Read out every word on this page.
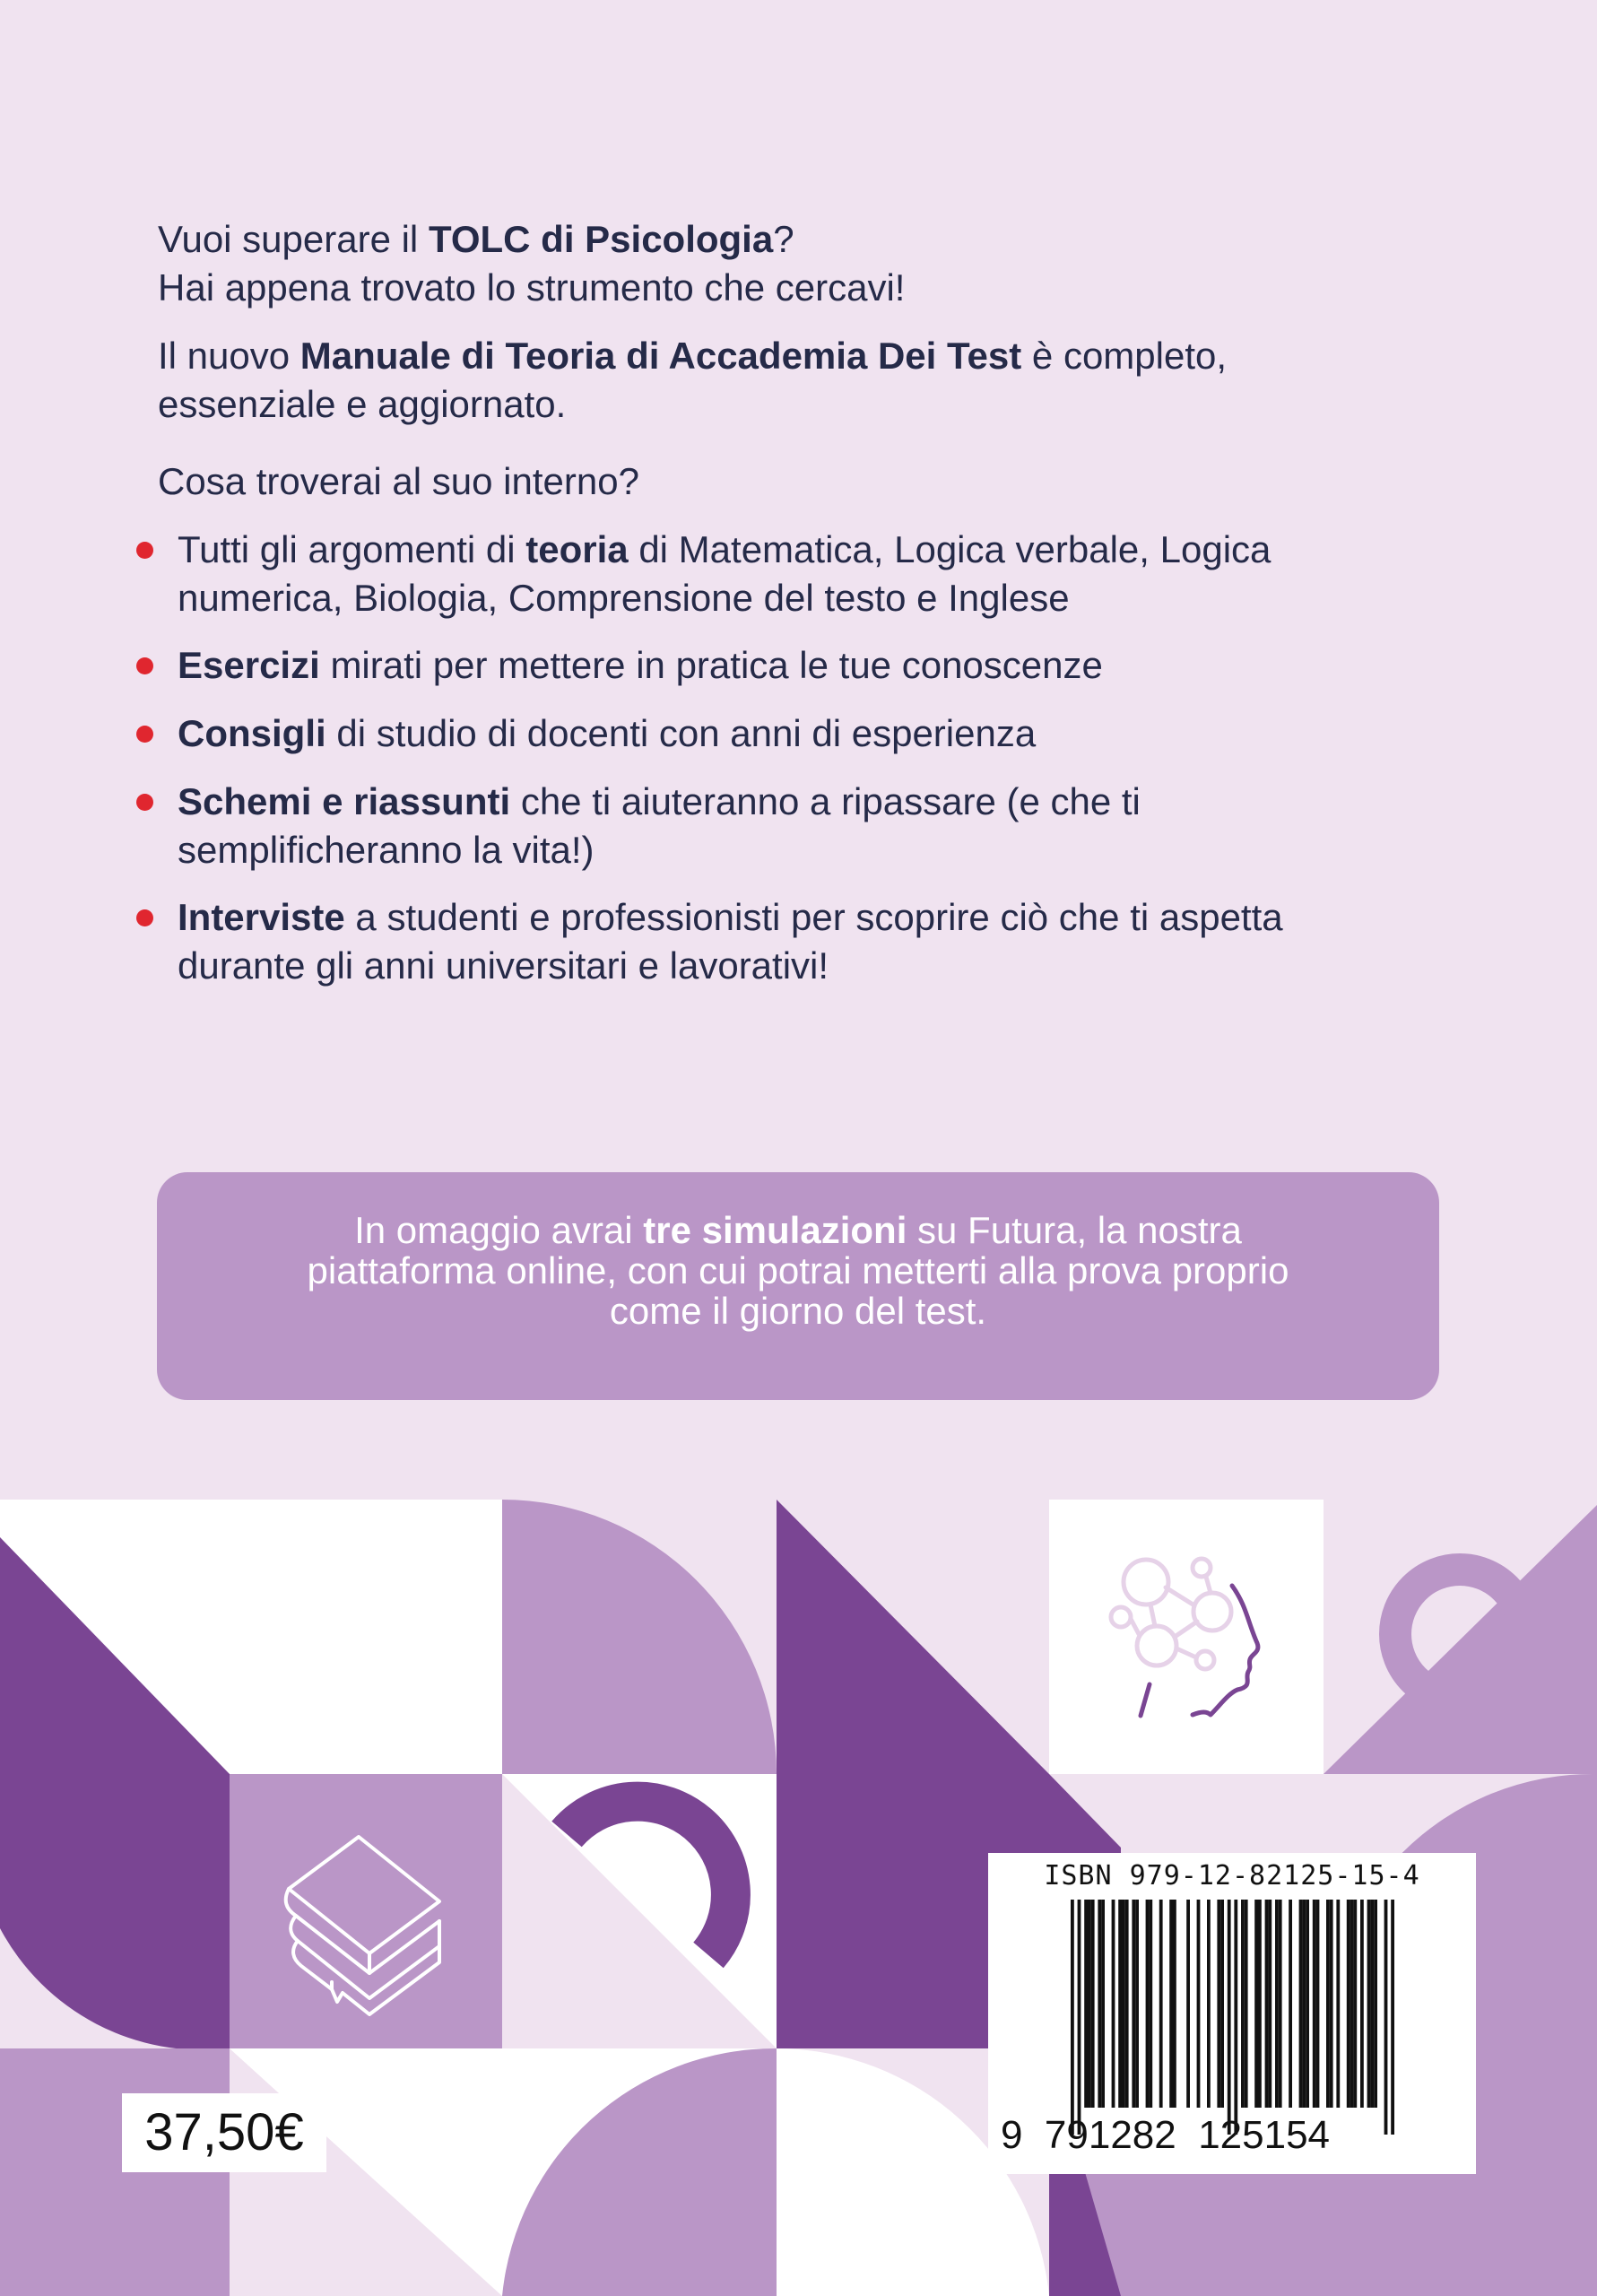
Vuoi superare il TOLC di Psicologia?
Hai appena trovato lo strumento che cercavi!
Il nuovo Manuale di Teoria di Accademia Dei Test è completo,
essenziale e aggiornato.
Cosa troverai al suo interno?
Tutti gli argomenti di teoria di Matematica, Logica verbale, Logica
numerica, Biologia, Comprensione del testo e Inglese
Esercizi mirati per mettere in pratica le tue conoscenze
Consigli di studio di docenti con anni di esperienza
Schemi e riassunti che ti aiuteranno a ripassare (e che ti
semplificheranno la vita!)
Interviste a studenti e professionisti per scoprire ciò che ti aspetta
durante gli anni universitari e lavorativi!
In omaggio avrai tre simulazioni su Futura, la nostra
piattaforma online, con cui potrai metterti alla prova proprio
come il giorno del test.
ISBN 979-12-82125-15-4
9  791282  125154
37,50€
